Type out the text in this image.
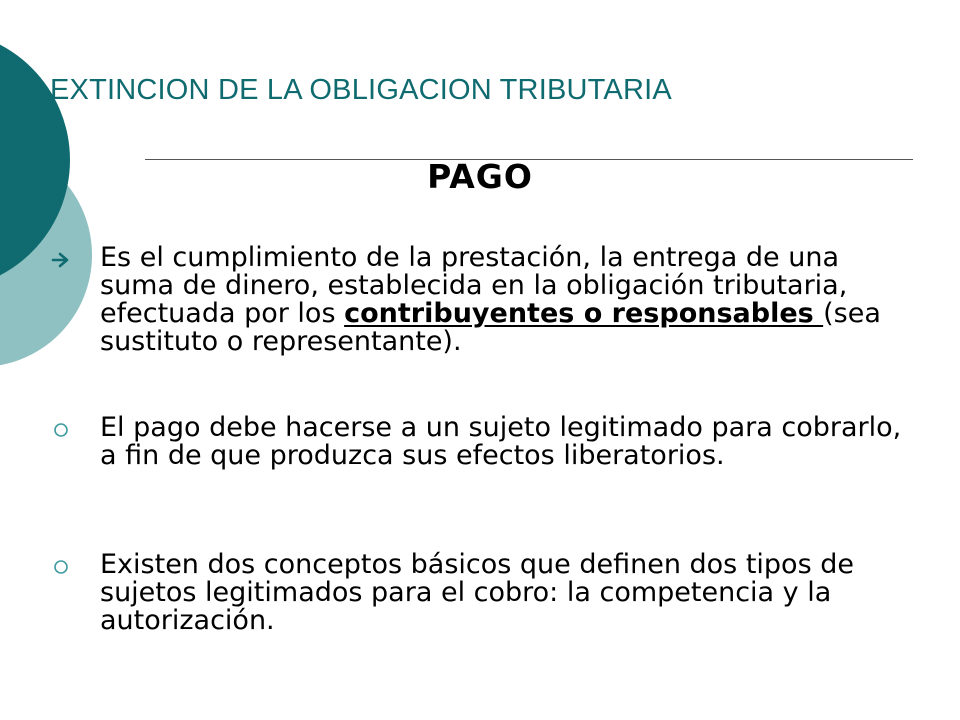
EXTINCION DE LA OBLIGACION TRIBUTARIA
PAGO

Es el cumplimiento de la prestación, la entrega de una suma de dinero, establecida en la obligación tributaria, efectuada por los contribuyentes o responsables (sea sustituto o representante).

El pago debe hacerse a un sujeto legitimado para cobrarlo, a fin de que produzca sus efectos liberatorios.

Existen dos conceptos básicos que definen dos tipos de sujetos legitimados para el cobro: la competencia y la autorización.
